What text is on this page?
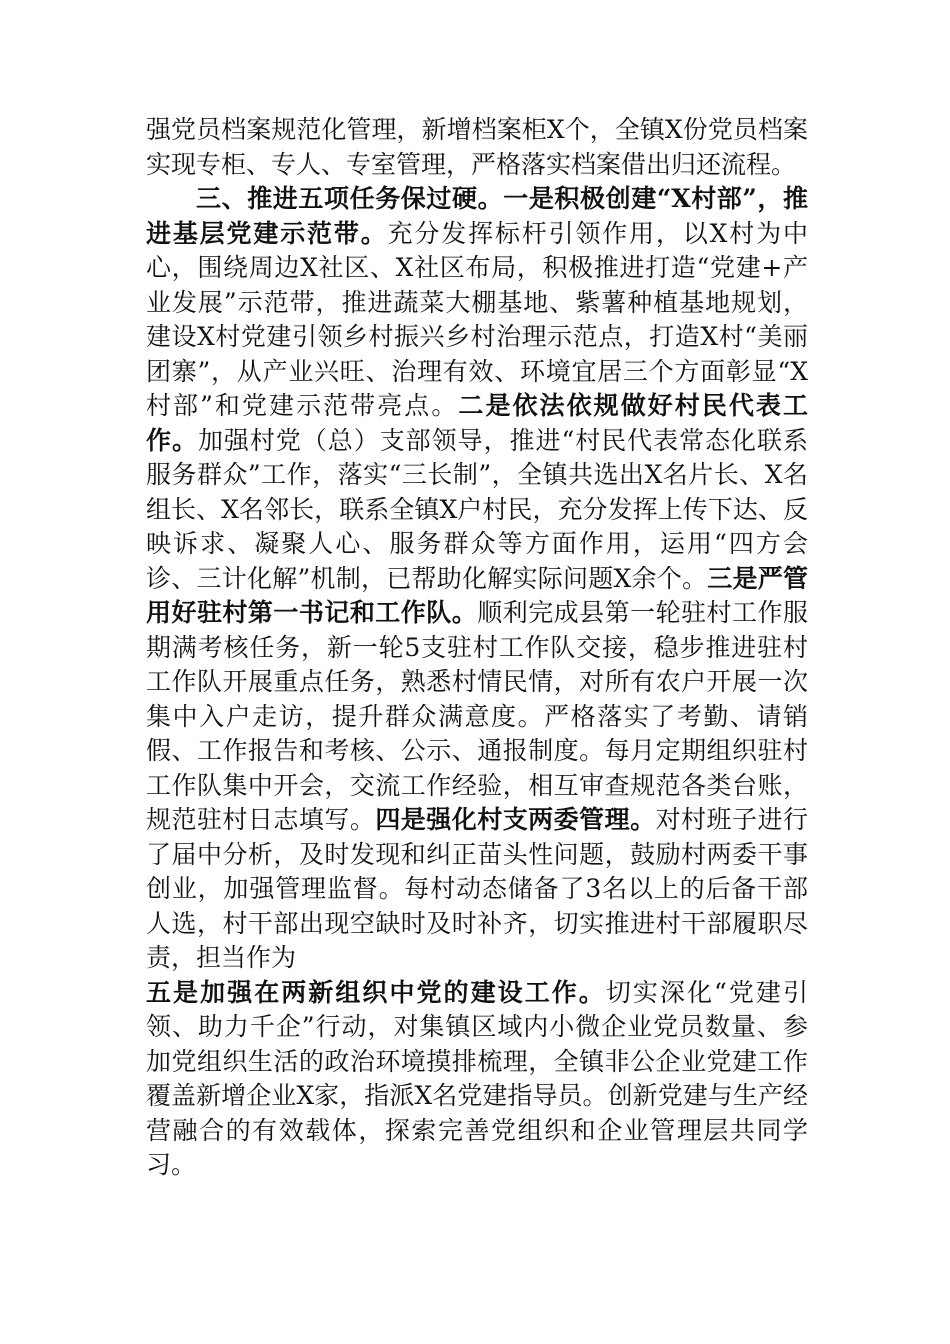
强党员档案规范化管理，新增档案柜X个，全镇X份党员档案实现专柜、专人、专室管理，严格落实档案借出归还流程。

三、推进五项任务保过硬。一是积极创建“X村部”，推进基层党建示范带。充分发挥标杆引领作用，以X村为中心，围绕周边X社区、X社区布局，积极推进打造“党建+产业发展”示范带，推进蔬菜大棚基地、紫薯种植基地规划，建设X村党建引领乡村振兴乡村治理示范点，打造X村“美丽团寨”，从产业兴旺、治理有效、环境宜居三个方面彰显“X村部”和党建示范带亮点。二是依法依规做好村民代表工作。加强村党（总）支部领导，推进“村民代表常态化联系服务群众”工作，落实“三长制”，全镇共选出X名片长、X名组长、X名邻长，联系全镇X户村民，充分发挥上传下达、反映诉求、凝聚人心、服务群众等方面作用，运用“四方会诊、三计化解”机制，已帮助化解实际问题X余个。三是严管用好驻村第一书记和工作队。顺利完成县第一轮驻村工作服期满考核任务，新一轮5支驻村工作队交接，稳步推进驻村工作队开展重点任务，熟悉村情民情，对所有农户开展一次集中入户走访，提升群众满意度。严格落实了考勤、请销假、工作报告和考核、公示、通报制度。每月定期组织驻村工作队集中开会，交流工作经验，相互审查规范各类台账，规范驻村日志填写。四是强化村支两委管理。对村班子进行了届中分析，及时发现和纠正苗头性问题，鼓励村两委干事创业，加强管理监督。每村动态储备了3名以上的后备干部人选，村干部出现空缺时及时补齐，切实推进村干部履职尽责，担当作为
五是加强在两新组织中党的建设工作。切实深化“党建引领、助力千企”行动，对集镇区域内小微企业党员数量、参加党组织生活的政治环境摸排梳理，全镇非公企业党建工作覆盖新增企业X家，指派X名党建指导员。创新党建与生产经营融合的有效载体，探索完善党组织和企业管理层共同学习。
